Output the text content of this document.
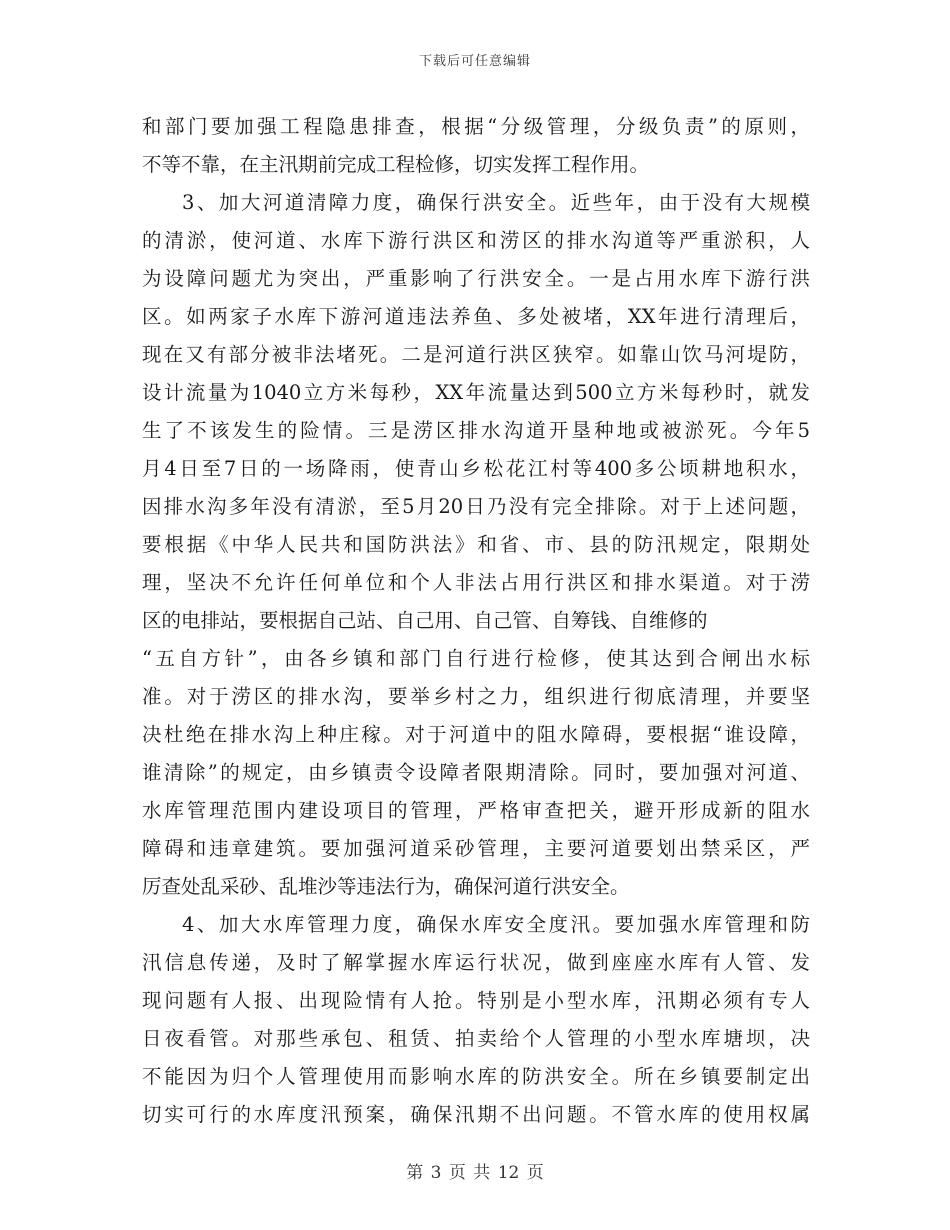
下载后可任意编辑
和部门要加强工程隐患排查，根据“分级管理，分级负责”的原则，
不等不靠，在主汛期前完成工程检修，切实发挥工程作用。
3、加大河道清障力度，确保行洪安全。近些年，由于没有大规模
的清淤，使河道、水库下游行洪区和涝区的排水沟道等严重淤积，人
为设障问题尤为突出，严重影响了行洪安全。一是占用水库下游行洪
区。如两家子水库下游河道违法养鱼、多处被堵，XX年进行清理后，
现在又有部分被非法堵死。二是河道行洪区狭窄。如靠山饮马河堤防，
设计流量为1040立方米每秒，XX年流量达到500立方米每秒时，就发
生了不该发生的险情。三是涝区排水沟道开垦种地或被淤死。今年5
月4日至7日的一场降雨，使青山乡松花江村等400多公顷耕地积水，
因排水沟多年没有清淤，至5月20日乃没有完全排除。对于上述问题，
要根据《中华人民共和国防洪法》和省、市、县的防汛规定，限期处
理，坚决不允许任何单位和个人非法占用行洪区和排水渠道。对于涝
区的电排站，要根据自己站、自己用、自己管、自筹钱、自维修的
“五自方针”，由各乡镇和部门自行进行检修，使其达到合闸出水标
准。对于涝区的排水沟，要举乡村之力，组织进行彻底清理，并要坚
决杜绝在排水沟上种庄稼。对于河道中的阻水障碍，要根据“谁设障，
谁清除”的规定，由乡镇责令设障者限期清除。同时，要加强对河道、
水库管理范围内建设项目的管理，严格审查把关，避开形成新的阻水
障碍和违章建筑。要加强河道采砂管理，主要河道要划出禁采区，严
厉查处乱采砂、乱堆沙等违法行为，确保河道行洪安全。
4、加大水库管理力度，确保水库安全度汛。要加强水库管理和防
汛信息传递，及时了解掌握水库运行状况，做到座座水库有人管、发
现问题有人报、出现险情有人抢。特别是小型水库，汛期必须有专人
日夜看管。对那些承包、租赁、拍卖给个人管理的小型水库塘坝，决
不能因为归个人管理使用而影响水库的防洪安全。所在乡镇要制定出
切实可行的水库度汛预案，确保汛期不出问题。不管水库的使用权属
第 3 页 共 12 页
